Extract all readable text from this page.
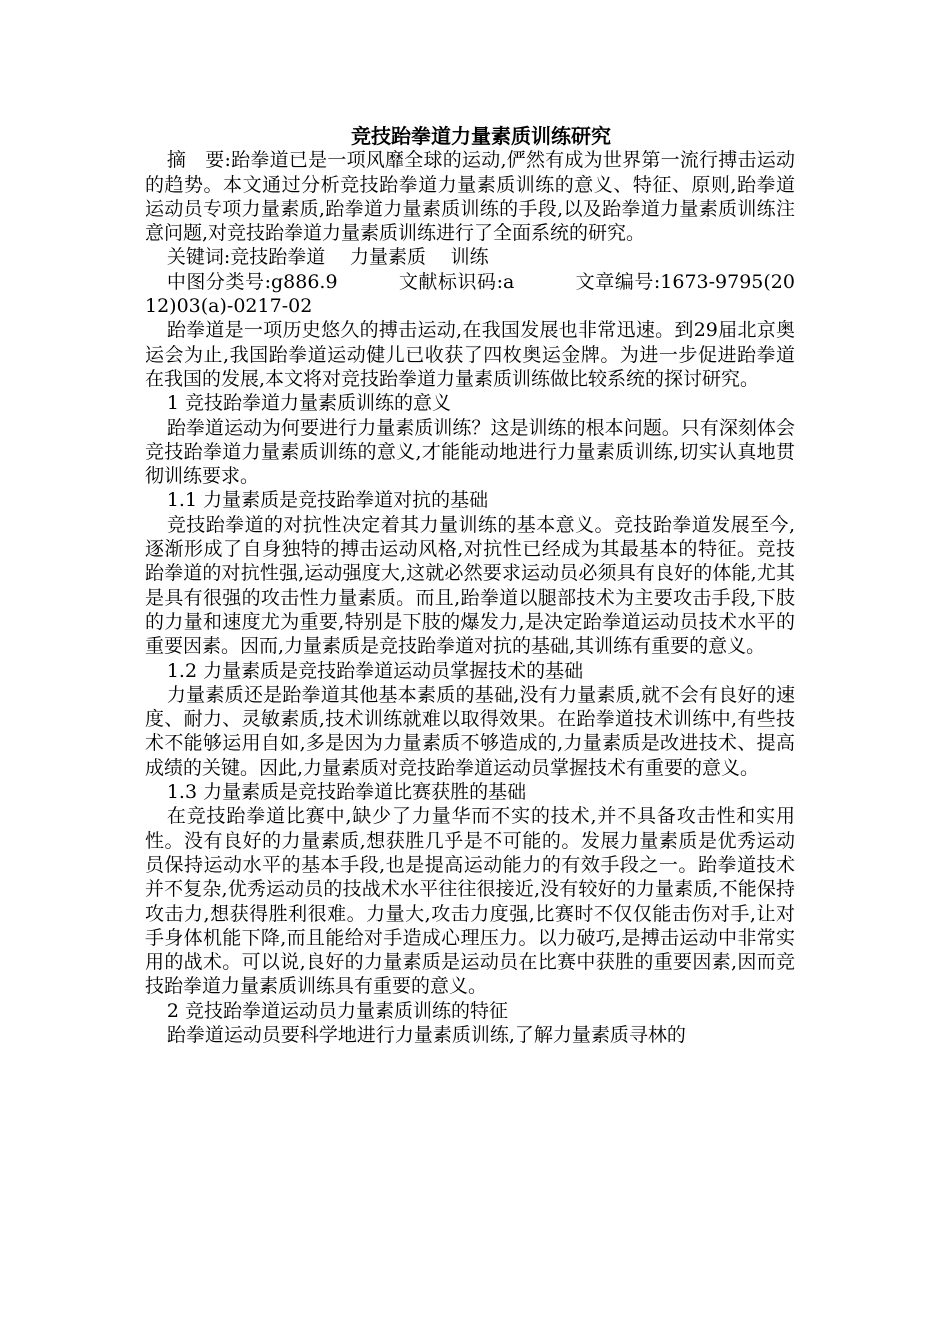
竞技跆拳道力量素质训练研究

摘　要:跆拳道已是一项风靡全球的运动,俨然有成为世界第一流行搏击运动的趋势。本文通过分析竞技跆拳道力量素质训练的意义、特征、原则,跆拳道运动员专项力量素质,跆拳道力量素质训练的手段,以及跆拳道力量素质训练注意问题,对竞技跆拳道力量素质训练进行了全面系统的研究。

关键词:竞技跆拳道 力量素质 训练

中图分类号:g886.9	文献标识码:a	文章编号:1673-9795(2012)03(a)-0217-02

跆拳道是一项历史悠久的搏击运动,在我国发展也非常迅速。到29届北京奥运会为止,我国跆拳道运动健儿已收获了四枚奥运金牌。为进一步促进跆拳道在我国的发展,本文将对竞技跆拳道力量素质训练做比较系统的探讨研究。

1 竞技跆拳道力量素质训练的意义

跆拳道运动为何要进行力量素质训练？这是训练的根本问题。只有深刻体会竞技跆拳道力量素质训练的意义,才能能动地进行力量素质训练,切实认真地贯彻训练要求。

1.1 力量素质是竞技跆拳道对抗的基础

竞技跆拳道的对抗性决定着其力量训练的基本意义。竞技跆拳道发展至今,逐渐形成了自身独特的搏击运动风格,对抗性已经成为其最基本的特征。竞技跆拳道的对抗性强,运动强度大,这就必然要求运动员必须具有良好的体能,尤其是具有很强的攻击性力量素质。而且,跆拳道以腿部技术为主要攻击手段,下肢的力量和速度尤为重要,特别是下肢的爆发力,是决定跆拳道运动员技术水平的重要因素。因而,力量素质是竞技跆拳道对抗的基础,其训练有重要的意义。

1.2 力量素质是竞技跆拳道运动员掌握技术的基础

力量素质还是跆拳道其他基本素质的基础,没有力量素质,就不会有良好的速度、耐力、灵敏素质,技术训练就难以取得效果。在跆拳道技术训练中,有些技术不能够运用自如,多是因为力量素质不够造成的,力量素质是改进技术、提高成绩的关键。因此,力量素质对竞技跆拳道运动员掌握技术有重要的意义。

1.3 力量素质是竞技跆拳道比赛获胜的基础

在竞技跆拳道比赛中,缺少了力量华而不实的技术,并不具备攻击性和实用性。没有良好的力量素质,想获胜几乎是不可能的。发展力量素质是优秀运动员保持运动水平的基本手段,也是提高运动能力的有效手段之一。跆拳道技术并不复杂,优秀运动员的技战术水平往往很接近,没有较好的力量素质,不能保持攻击力,想获得胜利很难。力量大,攻击力度强,比赛时不仅仅能击伤对手,让对手身体机能下降,而且能给对手造成心理压力。以力破巧,是搏击运动中非常实用的战术。可以说,良好的力量素质是运动员在比赛中获胜的重要因素,因而竞技跆拳道力量素质训练具有重要的意义。

2 竞技跆拳道运动员力量素质训练的特征

跆拳道运动员要科学地进行力量素质训练,了解力量素质寻林的
